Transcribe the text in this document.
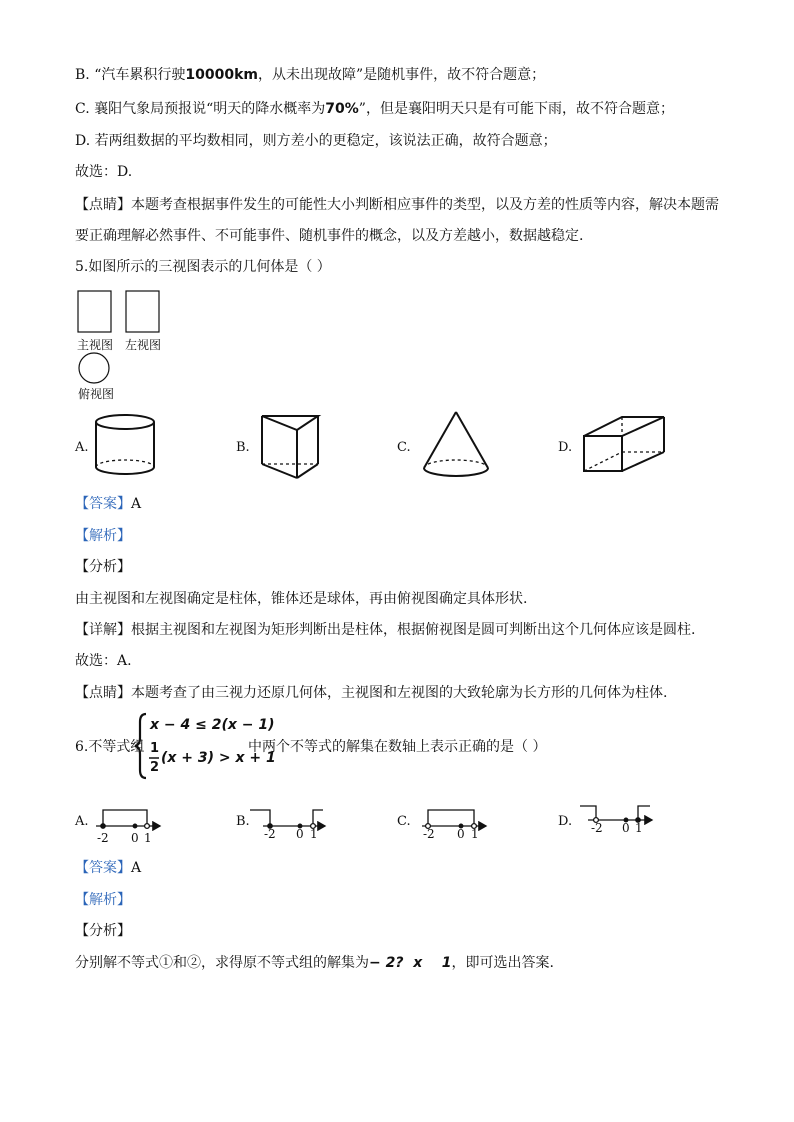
B. “汽车累积行驶10000km，从未出现故障”是随机事件，故不符合题意；
C. 襄阳气象局预报说“明天的降水概率为70%”，但是襄阳明天只是有可能下雨，故不符合题意；
D. 若两组数据的平均数相同，则方差小的更稳定，该说法正确，故符合题意；
故选：D.
【点睛】本题考查根据事件发生的可能性大小判断相应事件的类型，以及方差的性质等内容，解决本题需
要正确理解必然事件、不可能事件、随机事件的概念，以及方差越小，数据越稳定.
5.如图所示的三视图表示的几何体是（ ）
主视图 左视图
俯视图
A.	B.	C.	D.
【答案】A
【解析】
【分析】
由主视图和左视图确定是柱体，锥体还是球体，再由俯视图确定具体形状.
【详解】根据主视图和左视图为矩形判断出是柱体，根据俯视图是圆可判断出这个几何体应该是圆柱.
故选：A.
【点睛】本题考查了由三视力还原几何体，主视图和左视图的大致轮廓为长方形的几何体为柱体.
6.不等式组
x − 4 ≤ 2(x − 1)
1
2
(x + 3) > x + 1
中两个不等式的解集在数轴上表示正确的是（ ）
A.	B.	C.	D.
-2 0 1	-2 0 1	-2 0 1	-2 0 1
【答案】A
【解析】
【分析】
分别解不等式①和②，求得原不等式组的解集为− 2?  x    1，即可选出答案.
